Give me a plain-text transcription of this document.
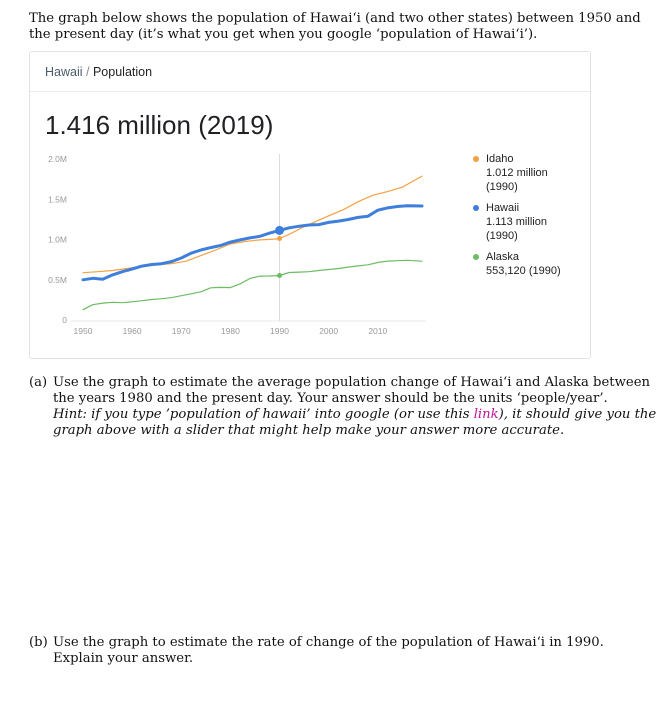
The graph below shows the population of Hawai‘i (and two other states) between 1950 and the present day (it’s what you get when you google ‘population of Hawai‘i’).
Hawaii / Population
1.416 million (2019)
0
0.5M
1.0M
1.5M
2.0M
1950	1960	1970	1980	1990	2000	2010
Idaho
1.012 million
(1990)
Hawaii
1.113 million
(1990)
Alaska
553,120 (1990)
(a) Use the graph to estimate the average population change of Hawai‘i and Alaska between the years 1980 and the present day. Your answer should be the units ‘people/year’.
Hint: if you type ’population of hawaii’ into google (or use this link), it should give you the graph above with a slider that might help make your answer more accurate.
(b) Use the graph to estimate the rate of change of the population of Hawai‘i in 1990. Explain your answer.
